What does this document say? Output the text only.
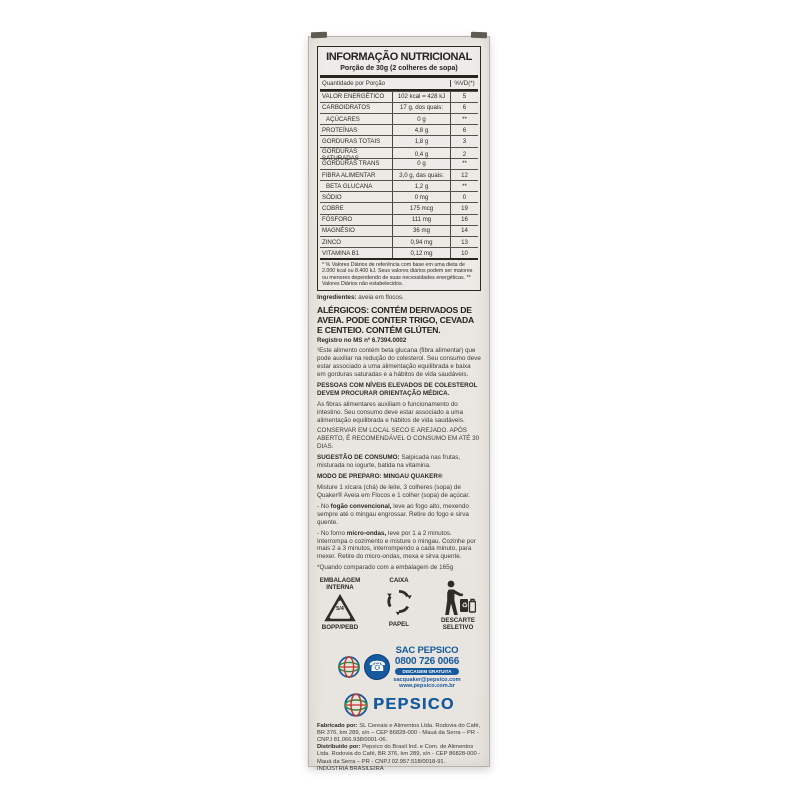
INFORMAÇÃO NUTRICIONAL
Porção de 30g (2 colheres de sopa)
Quantidade por Porção	%VD(*)
VALOR ENERGÉTICO	102 kcal = 428 kJ	5
CARBOIDRATOS	17 g, dos quais:	6
AÇÚCARES	0 g	**
PROTEÍNAS	4,8 g	6
GORDURAS TOTAIS	1,8 g	3
GORDURAS SATURADAS	0,4 g	2
GORDURAS TRANS	0 g	**
FIBRA ALIMENTAR	3,0 g, das quais:	12
BETA GLUCANA	1,2 g	**
SÓDIO	0 mg	0
COBRE	175 mcg	19
FÓSFORO	111 mg	16
MAGNÉSIO	36 mg	14
ZINCO	0,94 mg	13
VITAMINA B1	0,12 mg	10
* % Valores Diários de referência com base em uma dieta de 2.000 kcal ou 8.400 kJ. Seus valores diários podem ser maiores ou menores dependendo de suas necessidades energéticas. ** Valores Diários não estabelecidos.

Ingredientes: aveia em flocos.

ALÉRGICOS: CONTÉM DERIVADOS DE AVEIA. PODE CONTER TRIGO, CEVADA E CENTEIO. CONTÉM GLÚTEN.

Registro no MS nº 6.7394.0002

¹Este alimento contém beta glucana (fibra alimentar) que pode auxiliar na redução do colesterol. Seu consumo deve estar associado a uma alimentação equilibrada e baixa em gorduras saturadas e a hábitos de vida saudáveis.

PESSOAS COM NÍVEIS ELEVADOS DE COLESTEROL DEVEM PROCURAR ORIENTAÇÃO MÉDICA.

As fibras alimentares auxiliam o funcionamento do intestino. Seu consumo deve estar associado a uma alimentação equilibrada e hábitos de vida saudáveis.

CONSERVAR EM LOCAL SECO E AREJADO. APÓS ABERTO, É RECOMENDÁVEL O CONSUMO EM ATÉ 30 DIAS.

SUGESTÃO DE CONSUMO: Salpicada nas frutas, misturada no iogurte, batida na vitamina.

MODO DE PREPARO: MINGAU QUAKER®

Misture 1 xícara (chá) de leite, 3 colheres (sopa) de Quaker® Aveia em Flocos e 1 colher (sopa) de açúcar.

- No fogão convencional, leve ao fogo alto, mexendo sempre até o mingau engrossar. Retire do fogo e sirva quente.

- No forno micro-ondas, leve por 1 a 2 minutos. Interrompa o cozimento e misture o mingau. Cozinhe por mais 2 a 3 minutos, interrompendo a cada minuto, para mexer. Retire do micro-ondas, mexa e sirva quente.

*Quando comparado com a embalagem de 165g

EMBALAGEM INTERNA
5/4
BOPP/PEBD
CAIXA
PAPEL
♻
DESCARTE SELETIVO
☎
SAC PEPSICO
0800 726 0066
DISCAGEM GRATUITA
sacquaker@pepsico.com
www.pepsico.com.br
PEPSICO

Fabricado por: SL Cereais e Alimentos Ltda. Rodovia do Café, BR 376, km 289, s/n – CEP 86828-000 - Mauá da Serra – PR - CNPJ 81.066.938/0001-06.
Distribuído por: Pepsico do Brasil Ind. e Com. de Alimentos Ltda. Rodovia do Café, BR 376, km 289, s/n - CEP 86828-000 - Mauá da Serra – PR - CNPJ 02.957.518/0018-91.
INDÚSTRIA BRASILEIRA
